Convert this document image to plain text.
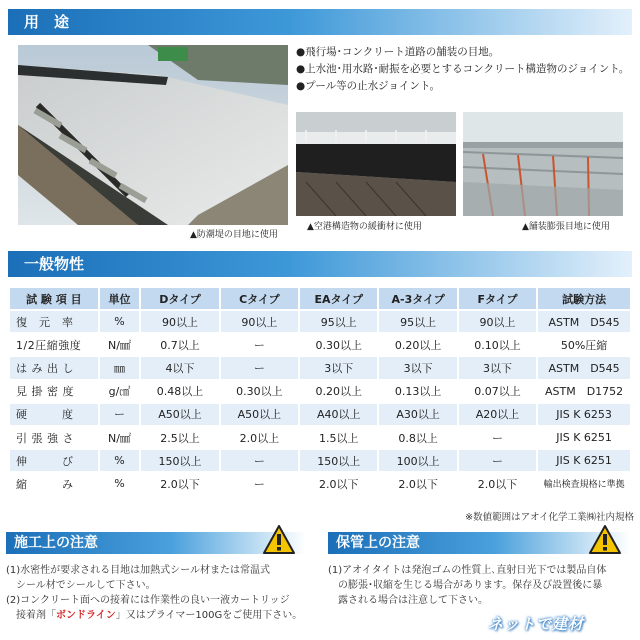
用　途
▲防潮堤の目地に使用
●飛行場･コンクリート道路の舗装の目地。
●上水池･用水路･耐振を必要とするコンクリート構造物のジョイント。
●プール等の止水ジョイント。
▲空港構造物の緩衝材に使用	▲舗装膨張目地に使用
一般物性
試 験 項 目	単位	Dタイプ	Cタイプ	EAタイプ	A-3タイプ	Fタイプ	試験方法
復　元　率	%	90以上	90以上	95以上	95以上	90以上	ASTM　D545
1/2圧縮強度	N/㎟	0.7以上	ー	0.30以上	0.20以上	0.10以上	50%圧縮
は み 出 し	㎜	4以下	ー	3以下	3以下	3以下	ASTM　D545
見 掛 密 度	g/㎤	0.48以上	0.30以上	0.20以上	0.13以上	0.07以上	ASTM　D1752
硬　　　度	ー	A50以上	A50以上	A40以上	A30以上	A20以上	JIS K 6253
引 張 強 さ	N/㎟	2.5以上	2.0以上	1.5以上	0.8以上	ー	JIS K 6251
伸　　　び	%	150以上	ー	150以上	100以上	ー	JIS K 6251
縮　　　み	%	2.0以下	ー	2.0以下	2.0以下	2.0以下	輸出検査規格に準拠
※数値範囲はアオイ化学工業㈱社内規格
施工上の注意
(1)水密性が要求される目地は加熱式シール材または常温式
　シール材でシールして下さい。
(2)コンクリート面への接着には作業性の良い一液カートリッジ
　接着剤「ボンドライン」又はプライマー100Gをご使用下さい。
保管上の注意
(1)アオイタイトは発泡ゴムの性質上､直射日光下では製品自体
　の膨張･収縮を生じる場合があります。保存及び設置後に暴
　露される場合は注意して下さい。
ネットで建材
